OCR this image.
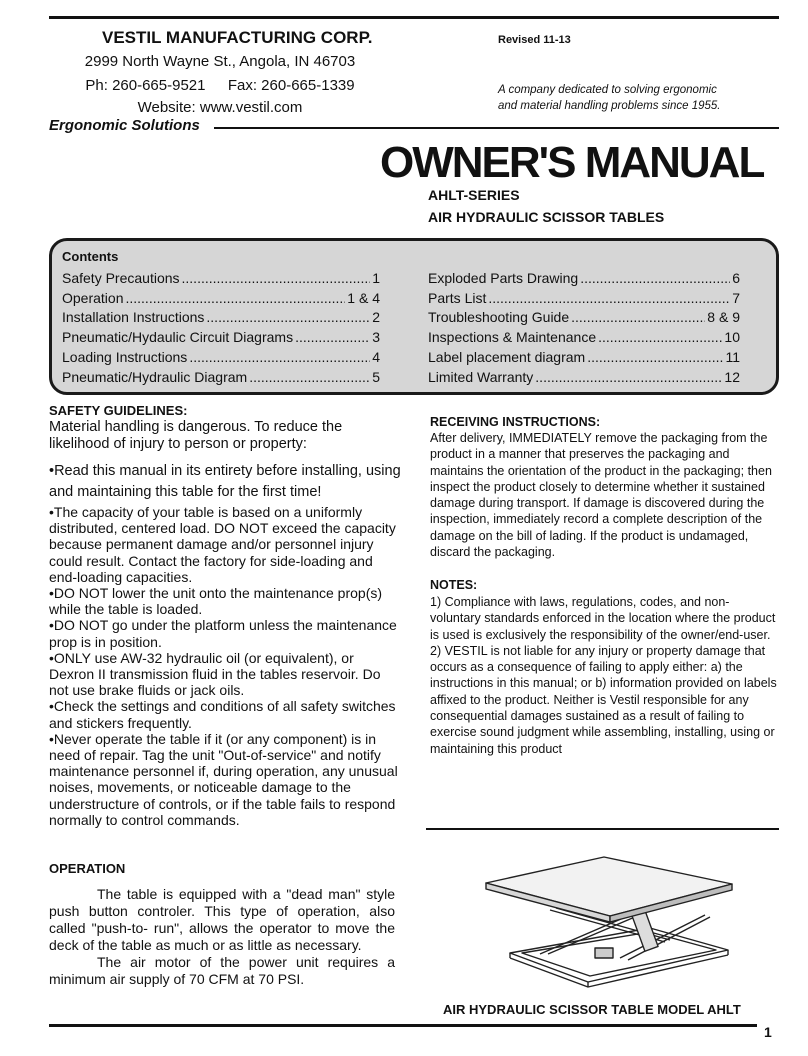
VESTIL MANUFACTURING CORP.
2999 North Wayne St., Angola, IN 46703
Ph: 260-665-9521 Fax: 260-665-1339
Website: www.vestil.com
Revised 11-13
A company dedicated to solving ergonomic
and material handling problems since 1955.
Ergonomic Solutions
OWNER'S MANUAL
AHLT-SERIES
AIR HYDRAULIC SCISSOR TABLES
Contents
Safety Precautions .....	1
Operation .....	1 & 4
Installation Instructions .....	2
Pneumatic/Hydaulic Circuit Diagrams .....	3
Loading Instructions .....	4
Pneumatic/Hydraulic Diagram .....	5
Exploded Parts Drawing .....	6
Parts List .....	7
Troubleshooting Guide .....	8 & 9
Inspections & Maintenance .....	10
Label placement diagram .....	11
Limited Warranty .....	12
SAFETY GUIDELINES:

Material handling is dangerous. To reduce the likelihood of injury to person or property:

•Read this manual in its entirety before installing, using and maintaining this table for the first time!

•The capacity of your table is based on a uniformly distributed, centered load. DO NOT exceed the capacity because permanent damage and/or personnel injury could result. Contact the factory for side-loading and end-loading capacities.

•DO NOT lower the unit onto the maintenance prop(s) while the table is loaded.

•DO NOT go under the platform unless the maintenance prop is in position.

•ONLY use AW-32 hydraulic oil (or equivalent), or Dexron II transmission fluid in the tables reservoir. Do not use brake fluids or jack oils.

•Check the settings and conditions of all safety switches and stickers frequently.

•Never operate the table if it (or any component) is in need of repair. Tag the unit "Out-of-service" and notify maintenance personnel if, during operation, any unusual noises, movements, or noticeable damage to the understructure of controls, or if the table fails to respond normally to control commands.

OPERATION

The table is equipped with a "dead man" style push button controler. This type of operation, also called "push-to- run", allows the operator to move the deck of the table as much or as little as necessary.

The air motor of the power unit requires a minimum air supply of 70 CFM at 70 PSI.

RECEIVING INSTRUCTIONS:
After delivery, IMMEDIATELY remove the packaging from the product in a manner that preserves the packaging and maintains the orientation of the product in the packaging; then inspect the product closely to determine whether it sustained damage during transport. If damage is discovered during the inspection, immediately record a complete description of the damage on the bill of lading. If the product is undamaged, discard the packaging.
NOTES:

1) Compliance with laws, regulations, codes, and non-voluntary standards enforced in the location where the product is used is exclusively the responsibility of the owner/end-user.

2) VESTIL is not liable for any injury or property damage that occurs as a consequence of failing to apply either: a) the instructions in this manual; or b) information provided on labels affixed to the product. Neither is Vestil responsible for any consequential damages sustained as a result of failing to exercise sound judgment while assembling, installing, using or maintaining this product

AIR HYDRAULIC SCISSOR TABLE MODEL AHLT
1
